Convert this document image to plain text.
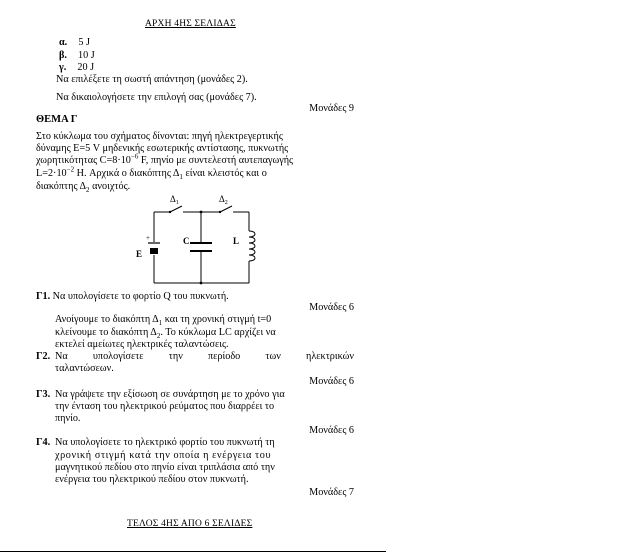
ΑΡΧΗ 4ΗΣ ΣΕΛΙΔΑΣ
α. 5 J
β. 10 J
γ. 20 J
Να επιλέξετε τη σωστή απάντηση (μονάδες 2).
Να δικαιολογήσετε την επιλογή σας (μονάδες 7).
Μονάδες 9
ΘΕΜΑ Γ
Στο κύκλωμα του σχήματος δίνονται: πηγή ηλεκτρεγερτικής
δύναμης Ε=5 V μηδενικής εσωτερικής αντίστασης, πυκνωτής
χωρητικότητας $C=8\cdot 10^{-6}$ F, πηνίο με συντελεστή αυτεπαγωγής
$L=2\cdot 10^{-2}$ H. Αρχικά ο διακόπτης $\Delta_1$ είναι κλειστός και ο
διακόπτης $\Delta_2$ ανοιχτός.
$\Delta_1$	$\Delta_2$
C	L
E
+
Γ1. Να υπολογίσετε το φορτίο Q του πυκνωτή.
Μονάδες 6
Ανοίγουμε το διακόπτη $\Delta_1$ και τη χρονική στιγμή t=0
κλείνουμε το διακόπτη $\Delta_2$. Το κύκλωμα LC αρχίζει να
εκτελεί αμείωτες ηλεκτρικές ταλαντώσεις.
Γ2. Να υπολογίσετε την περίοδο των ηλεκτρικών
ταλαντώσεων.
Μονάδες 6
Γ3. Να γράψετε την εξίσωση σε συνάρτηση με το χρόνο για
την ένταση του ηλεκτρικού ρεύματος που διαρρέει το
πηνίο.
Μονάδες 6
Γ4. Να υπολογίσετε το ηλεκτρικό φορτίο του πυκνωτή τη
χρονική στιγμή κατά την οποία η ενέργεια του
μαγνητικού πεδίου στο πηνίο είναι τριπλάσια από την
ενέργεια του ηλεκτρικού πεδίου στον πυκνωτή.
Μονάδες 7
ΤΕΛΟΣ 4ΗΣ ΑΠΟ 6 ΣΕΛΙΔΕΣ
